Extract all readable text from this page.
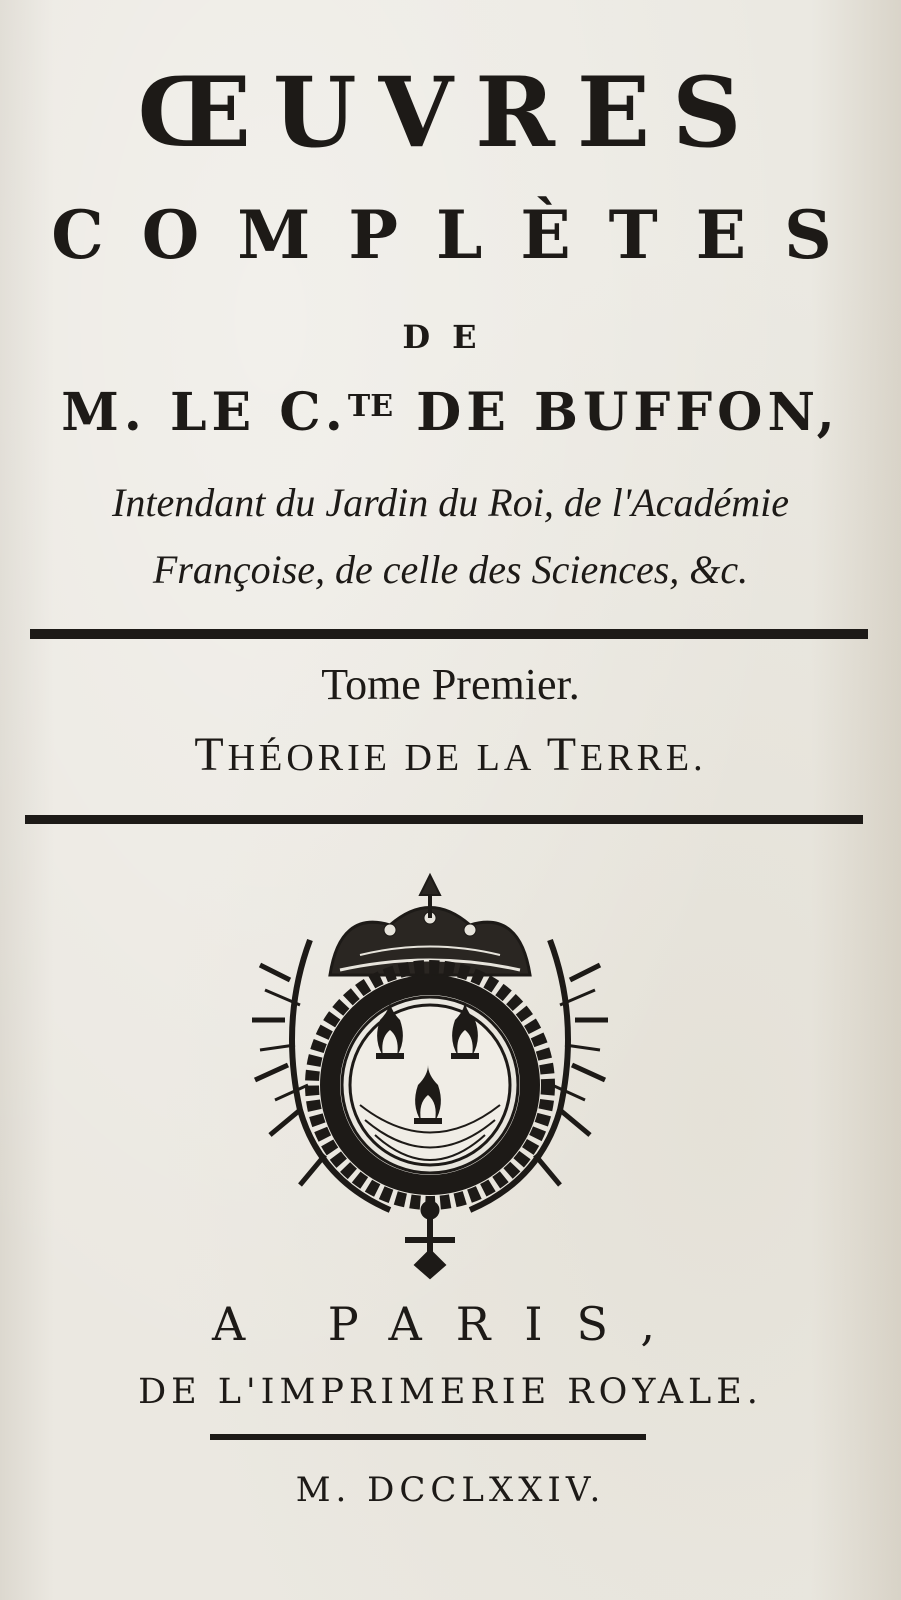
ŒUVRES
COMPLÈTES
DE
M. LE C.$^{TE}$ DE BUFFON,
Intendant du Jardin du Roi, de l'Académie
Françoise, de celle des Sciences, &c.
Tome Premier.
THÉORIE DE LA TERRE.
A PARIS,
DE L'IMPRIMERIE ROYALE.
M. DCCLXXIV.
